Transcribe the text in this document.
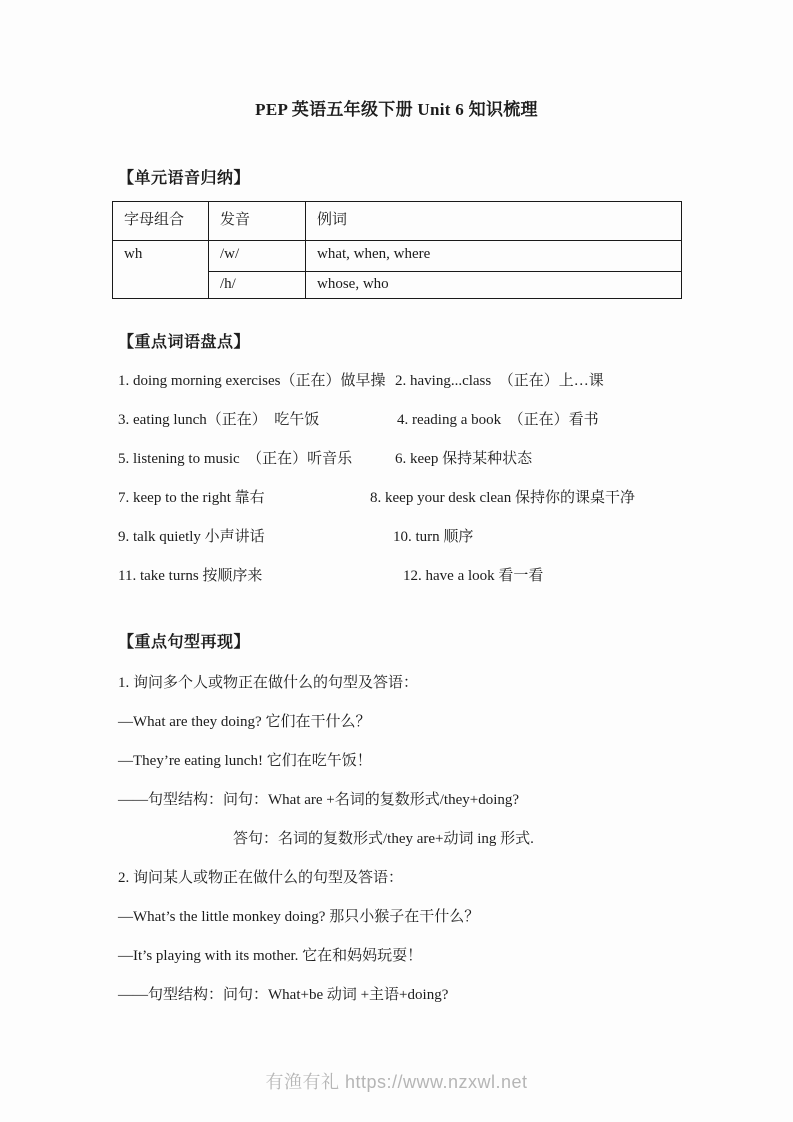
PEP 英语五年级下册 Unit 6 知识梳理
【单元语音归纳】
字母组合	发音	例词
wh	/w/	what, when, where
	/h/	whose, who
【重点词语盘点】
1. doing morning exercises（正在）做早操 2. having...class　（正在）上…课
3. eating lunch（正在）　吃午饭	4. reading a book　（正在）看书
5. listening to music　（正在）听音乐	6. keep 保持某种状态
7. keep to the right 靠右	8. keep your desk clean 保持你的课桌干净
9. talk quietly 小声讲话	10. turn 顺序
11. take turns 按顺序来	12. have a look 看一看
【重点句型再现】
1. 询问多个人或物正在做什么的句型及答语：
—What are they doing? 它们在干什么？
—They’re eating lunch! 它们在吃午饭！
——句型结构：问句：What are +名词的复数形式/they+doing?
答句：名词的复数形式/they are+动词 ing 形式.
2. 询问某人或物正在做什么的句型及答语：
—What’s the little monkey doing? 那只小猴子在干什么？
—It’s playing with its mother. 它在和妈妈玩耍！
——句型结构：问句：What+be 动词 +主语+doing?
有渔有礼 https://www.nzxwl.net
